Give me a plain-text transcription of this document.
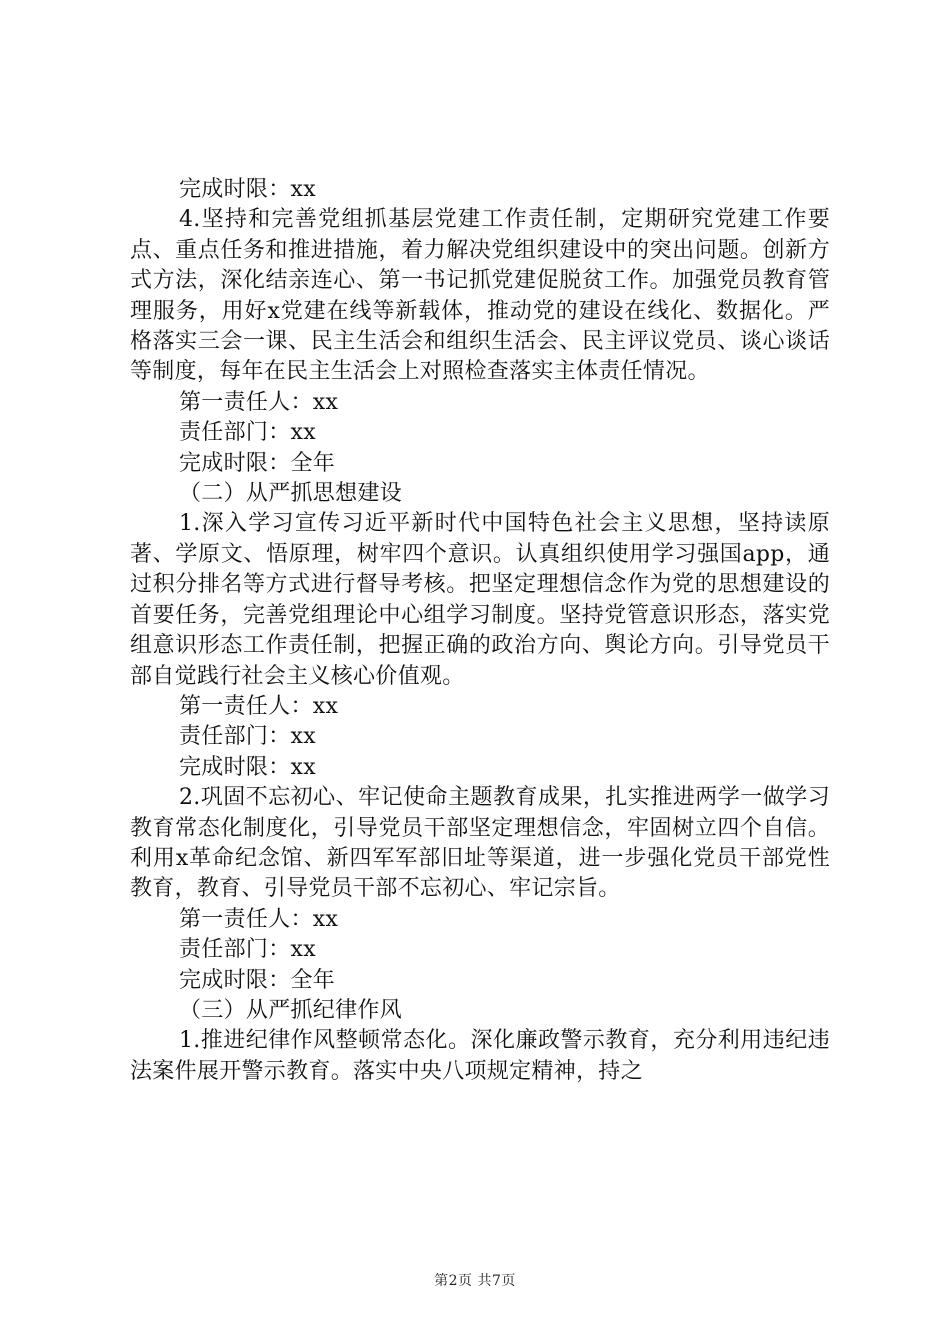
完成时限：xx

4.坚持和完善党组抓基层党建工作责任制，定期研究党建工作要点、重点任务和推进措施，着力解决党组织建设中的突出问题。创新方式方法，深化结亲连心、第一书记抓党建促脱贫工作。加强党员教育管理服务，用好x党建在线等新载体，推动党的建设在线化、数据化。严格落实三会一课、民主生活会和组织生活会、民主评议党员、谈心谈话等制度，每年在民主生活会上对照检查落实主体责任情况。

第一责任人：xx

责任部门：xx

完成时限：全年

（二）从严抓思想建设

1.深入学习宣传习近平新时代中国特色社会主义思想，坚持读原著、学原文、悟原理，树牢四个意识。认真组织使用学习强国app，通过积分排名等方式进行督导考核。把坚定理想信念作为党的思想建设的首要任务，完善党组理论中心组学习制度。坚持党管意识形态，落实党组意识形态工作责任制，把握正确的政治方向、舆论方向。引导党员干部自觉践行社会主义核心价值观。

第一责任人：xx

责任部门：xx

完成时限：xx

2.巩固不忘初心、牢记使命主题教育成果，扎实推进两学一做学习教育常态化制度化，引导党员干部坚定理想信念，牢固树立四个自信。利用x革命纪念馆、新四军军部旧址等渠道，进一步强化党员干部党性教育，教育、引导党员干部不忘初心、牢记宗旨。

第一责任人：xx

责任部门：xx

完成时限：全年

（三）从严抓纪律作风

1.推进纪律作风整顿常态化。深化廉政警示教育，充分利用违纪违法案件展开警示教育。落实中央八项规定精神，持之

第2页 共7页
